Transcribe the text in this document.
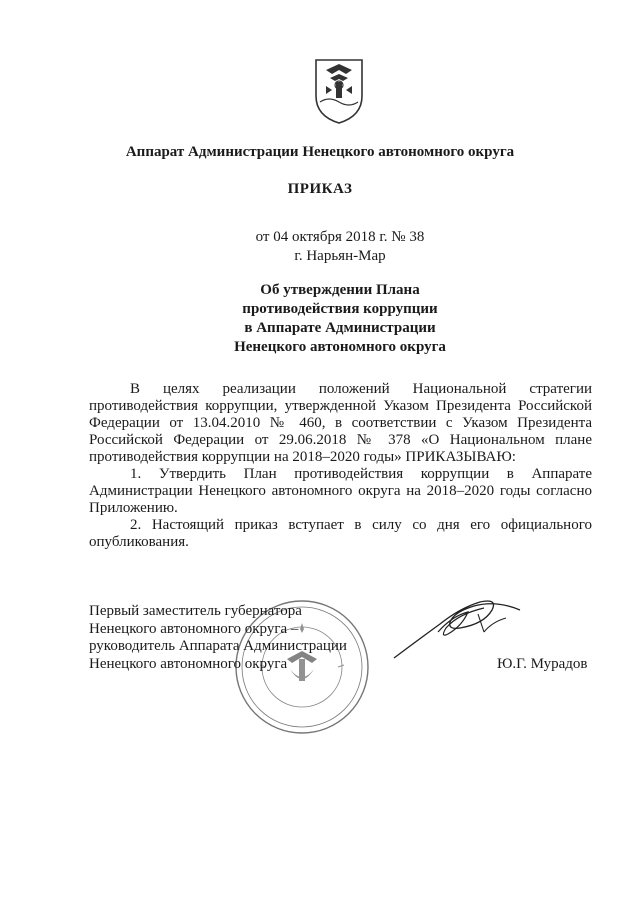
Аппарат Администрации Ненецкого автономного округа
ПРИКАЗ
от 04 октября 2018 г. № 38
г. Нарьян-Мар
Об утверждении Плана
противодействия коррупции
в Аппарате Администрации
Ненецкого автономного округа

В целях реализации положений Национальной стратегии противодействия коррупции, утвержденной Указом Президента Российской Федерации от 13.04.2010 № 460, в соответствии с Указом Президента Российской Федерации от 29.06.2018 № 378 «О Национальном плане противодействия коррупции на 2018–2020 годы» ПРИКАЗЫВАЮ:

1. Утвердить План противодействия коррупции в Аппарате Администрации Ненецкого автономного округа на 2018–2020 годы согласно Приложению.

2. Настоящий приказ вступает в силу со дня его официального опубликования.

Первый заместитель губернатора
Ненецкого автономного округа –
руководитель Аппарата Администрации
Ненецкого автономного округа	Ю.Г. Мурадов
